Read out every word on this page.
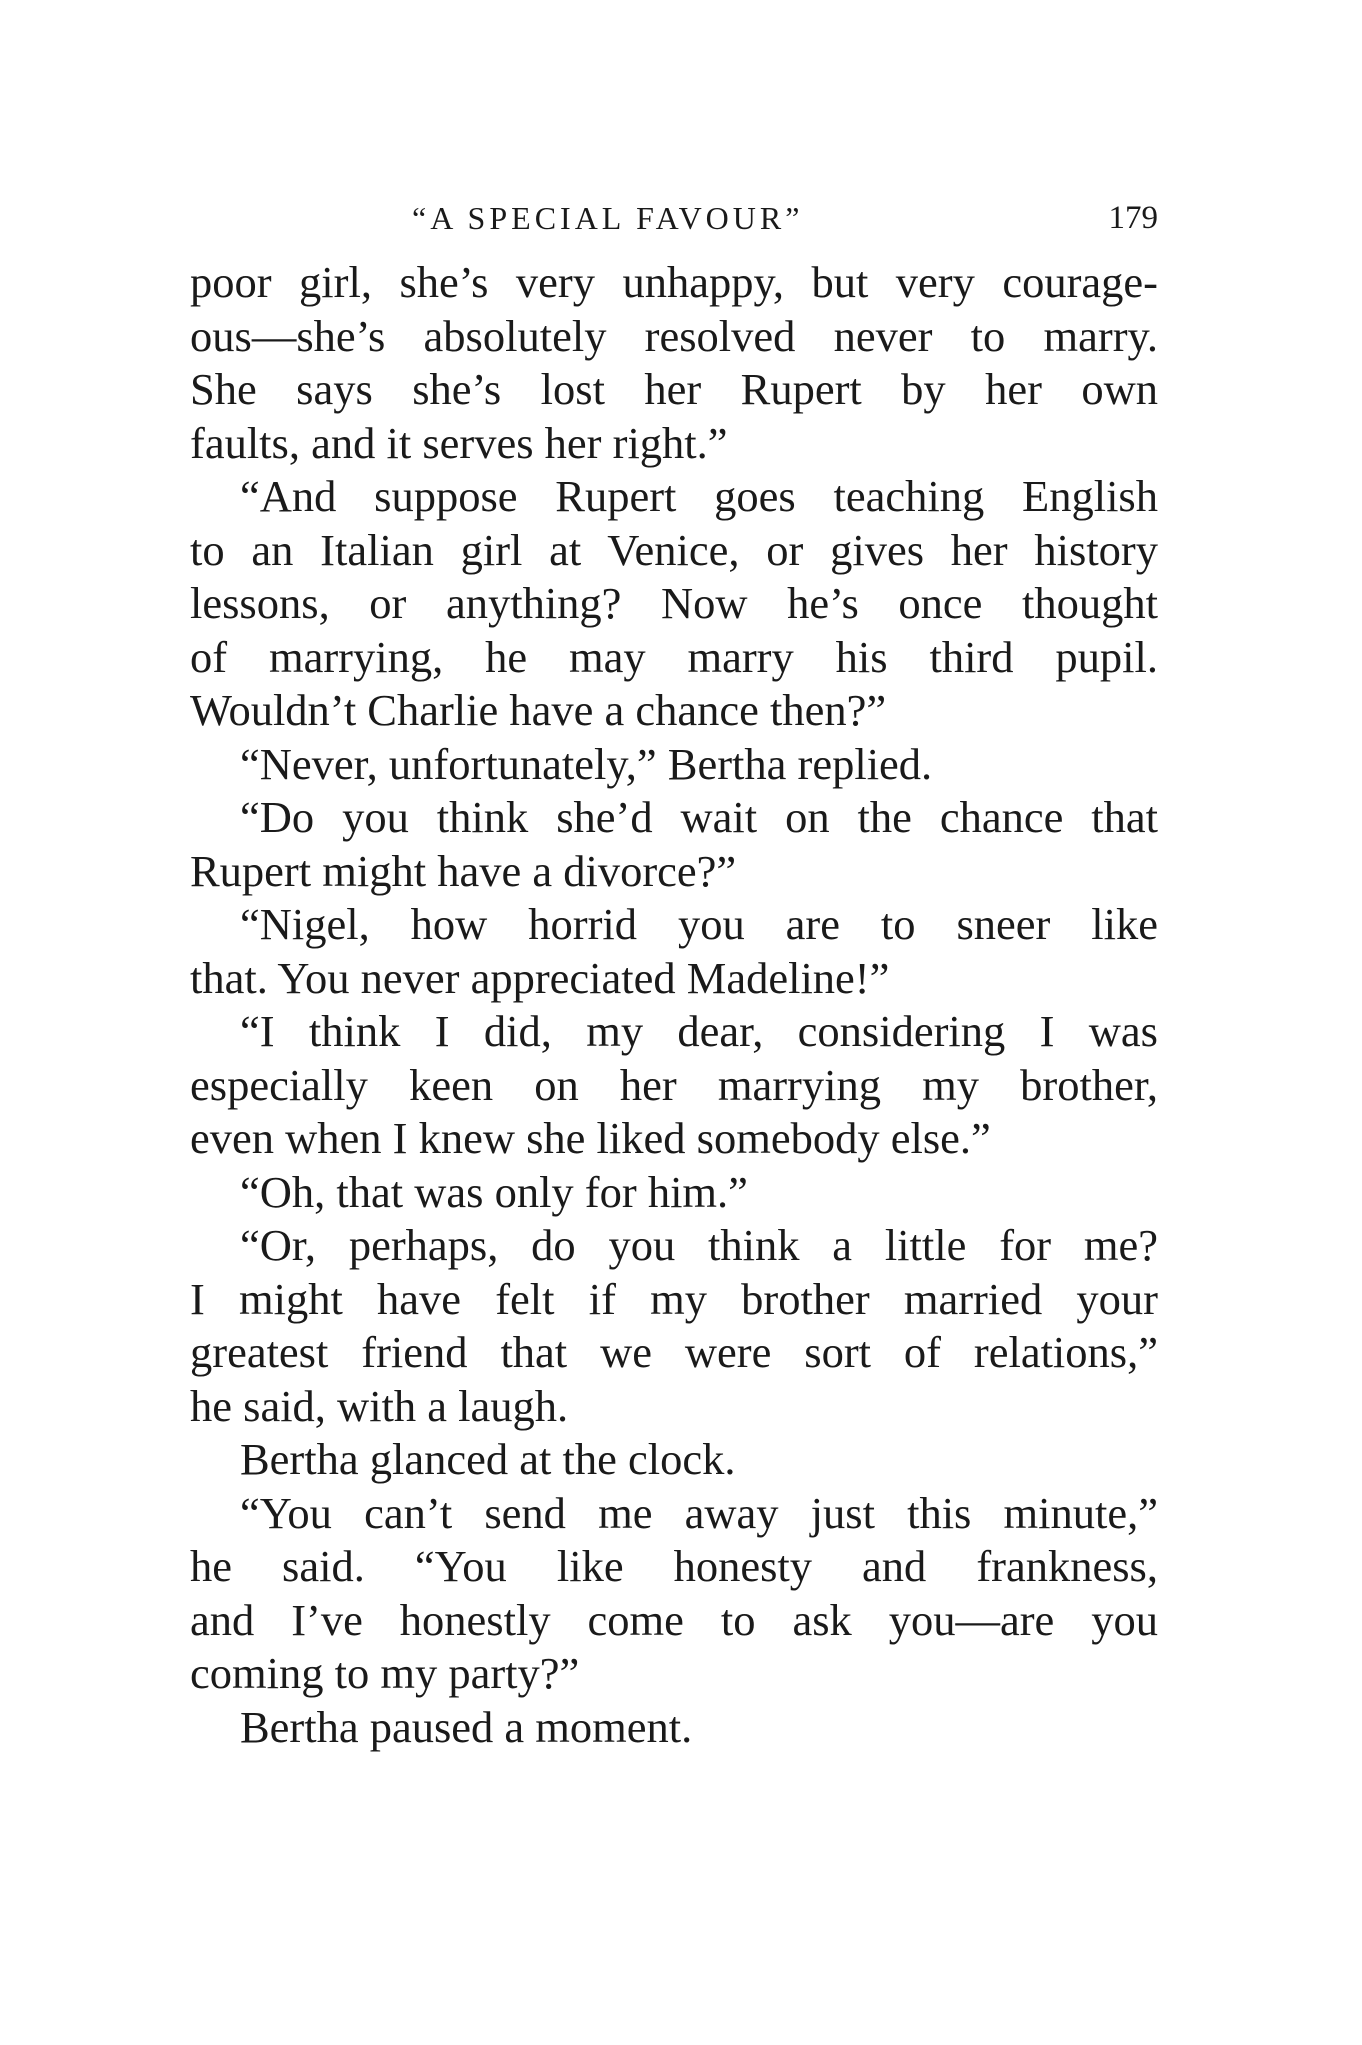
“A SPECIAL FAVOUR”	179
poor girl, she’s very unhappy, but very courage-
ous—she’s absolutely resolved never to marry.
She says she’s lost her Rupert by her own
faults, and it serves her right.”
“And suppose Rupert goes teaching English
to an Italian girl at Venice, or gives her history
lessons, or anything? Now he’s once thought
of marrying, he may marry his third pupil.
Wouldn’t Charlie have a chance then?”
“Never, unfortunately,” Bertha replied.
“Do you think she’d wait on the chance that
Rupert might have a divorce?”
“Nigel, how horrid you are to sneer like
that. You never appreciated Madeline!”
“I think I did, my dear, considering I was
especially keen on her marrying my brother,
even when I knew she liked somebody else.”
“Oh, that was only for him.”
“Or, perhaps, do you think a little for me?
I might have felt if my brother married your
greatest friend that we were sort of relations,”
he said, with a laugh.
Bertha glanced at the clock.
“You can’t send me away just this minute,”
he said. “You like honesty and frankness,
and I’ve honestly come to ask you—are you
coming to my party?”
Bertha paused a moment.
